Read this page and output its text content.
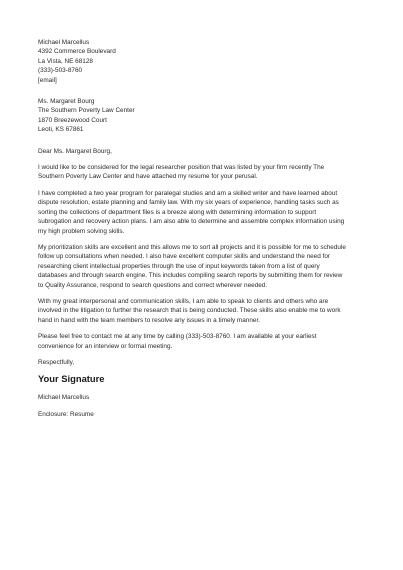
Michael Marcellus
4392 Commerce Boulevard
La Vista, NE 68128
(333)-503-8760
[email]
Ms. Margaret Bourg
The Southern Poverty Law Center
1870 Breezewood Court
Leoti, KS 67861
Dear Ms. Margaret Bourg,
I would like to be considered for the legal researcher position that was listed by your firm recently The
Southern Poverty Law Center and have attached my resume for your perusal.
I have completed a two year program for paralegal studies and am a skilled writer and have learned about
dispute resolution, estate planning and family law. With my six years of experience, handling tasks such as
sorting the collections of department files is a breeze along with determining information to support
subrogation and recovery action plans. I am also able to determine and assemble complex information using
my high problem solving skills.
My prioritization skills are excellent and this allows me to sort all projects and it is possible for me to schedule
follow up consultations when needed. I also have excellent computer skills and understand the need for
researching client intellectual properties through the use of input keywords taken from a list of query
databases and through search engine. This includes compiling search reports by submitting them for review
to Quality Assurance, respond to search questions and correct wherever needed.
With my great interpersonal and communication skills, I am able to speak to clients and others who are
involved in the litigation to further the research that is being conducted. These skills also enable me to work
hand in hand with the team members to resolve any issues in a timely manner.
Please feel free to contact me at any time by calling (333)-503-8760. I am available at your earliest
convenience for an interview or formal meeting.
Respectfully,
Your Signature
Michael Marcellus
Enclosure: Resume
